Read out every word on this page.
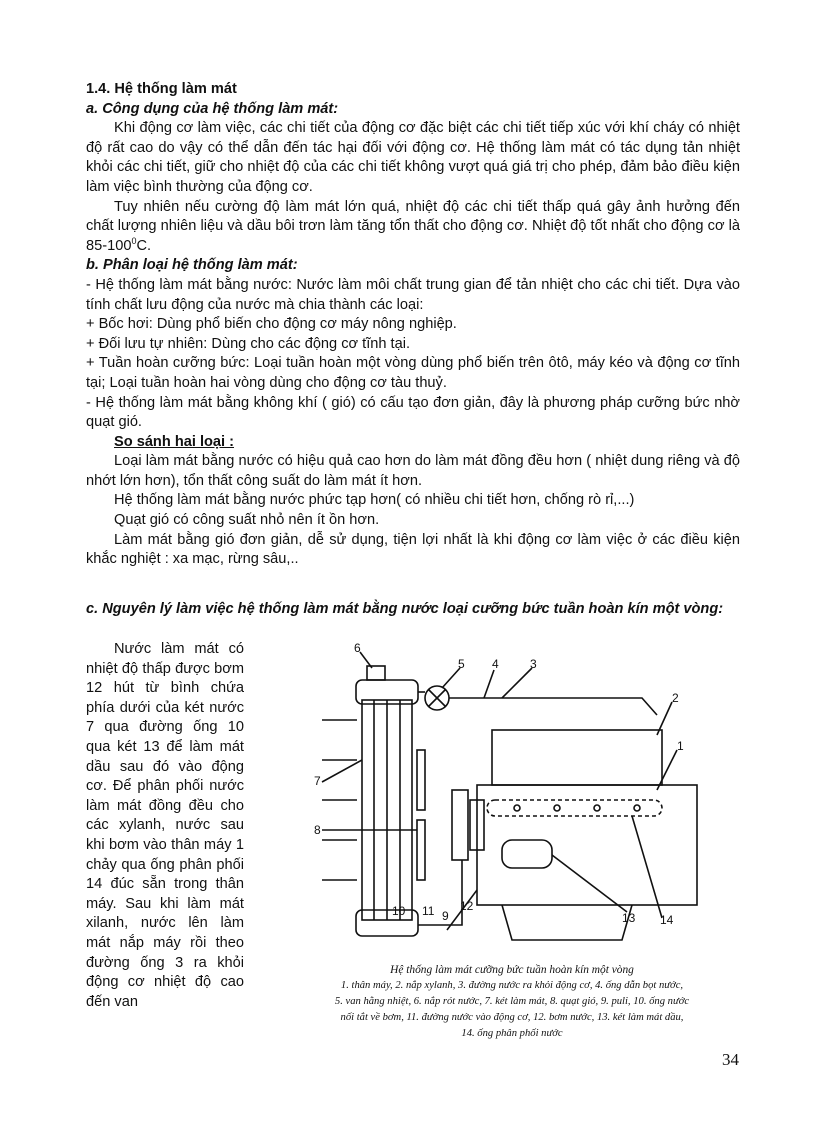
1.4. Hệ thống làm mát

a. Công dụng của hệ thống làm mát:

Khi động cơ làm việc, các chi tiết của động cơ đặc biệt các chi tiết tiếp xúc với khí cháy có nhiệt độ rất cao do vậy có thể dẫn đến tác hại đối với động cơ. Hệ thống làm mát có tác dụng tản nhiệt khỏi các chi tiết, giữ cho nhiệt độ của các chi tiết không vượt quá giá trị cho phép, đảm bảo điều kiện làm việc bình thường của động cơ.

Tuy nhiên nếu cường độ làm mát lớn quá, nhiệt độ các chi tiết thấp quá gây ảnh hưởng đến chất lượng nhiên liệu và dầu bôi trơn làm tăng tổn thất cho động cơ. Nhiệt độ tốt nhất cho động cơ là $85-100^0C$.

b. Phân loại hệ thống làm mát:

- Hệ thống làm mát bằng nước: Nước làm môi chất trung gian để tản nhiệt cho các chi tiết. Dựa vào tính chất lưu động của nước mà chia thành các loại:

+ Bốc hơi: Dùng phổ biến cho động cơ máy nông nghiệp.

+ Đối lưu tự nhiên: Dùng cho các động cơ tĩnh tại.

+ Tuần hoàn cưỡng bức: Loại tuần hoàn một vòng dùng phổ biến trên ôtô, máy kéo và động cơ tĩnh tại; Loại tuần hoàn hai vòng dùng cho động cơ tàu thuỷ.

- Hệ thống làm mát bằng không khí ( gió) có cấu tạo đơn giản, đây là phương pháp cưỡng bức nhờ quạt gió.

So sánh hai loại :

Loại làm mát bằng nước có hiệu quả cao hơn do làm mát đồng đều hơn ( nhiệt dung riêng và độ nhớt lớn hơn), tổn thất công suất do làm mát ít hơn.

Hệ thống làm mát bằng nước phức tạp hơn( có nhiều chi tiết hơn, chống rò rỉ,...)

Quạt gió có công suất nhỏ nên ít ồn hơn.

Làm mát bằng gió đơn giản, dễ sử dụng, tiện lợi nhất là khi động cơ làm việc ở các điều kiện khắc nghiệt : xa mạc, rừng sâu,..

c. Nguyên lý làm việc hệ thống làm mát bằng nước loại cưỡng bức tuần hoàn kín một vòng:

Nước làm mát có nhiệt độ thấp được bơm 12 hút từ bình chứa phía dưới của két nước 7 qua đường ống 10 qua két 13 để làm mát dầu sau đó vào động cơ. Để phân phối nước làm mát đồng đều cho các xylanh, nước sau khi bơm vào thân máy 1 chảy qua ống phân phối 14 đúc sẵn trong thân máy. Sau khi làm mát xilanh, nước lên làm mát nắp máy rồi theo đường ống 3 ra khỏi động cơ nhiệt độ cao đến van

6
5 4	3
2
1
7
8
10 11 9
12
13 14
Hệ thống làm mát cưỡng bức tuần hoàn kín một vòng
1. thân máy, 2. nắp xylanh, 3. đường nước ra khỏi động cơ, 4. ống dẫn bọt nước,
5. van hằng nhiệt, 6. nắp rót nước, 7. két làm mát, 8. quạt gió, 9. puli, 10. ống nước
nối tắt về bơm, 11. đường nước vào động cơ, 12. bơm nước, 13. két làm mát dầu,
14. ống phân phối nước
34
